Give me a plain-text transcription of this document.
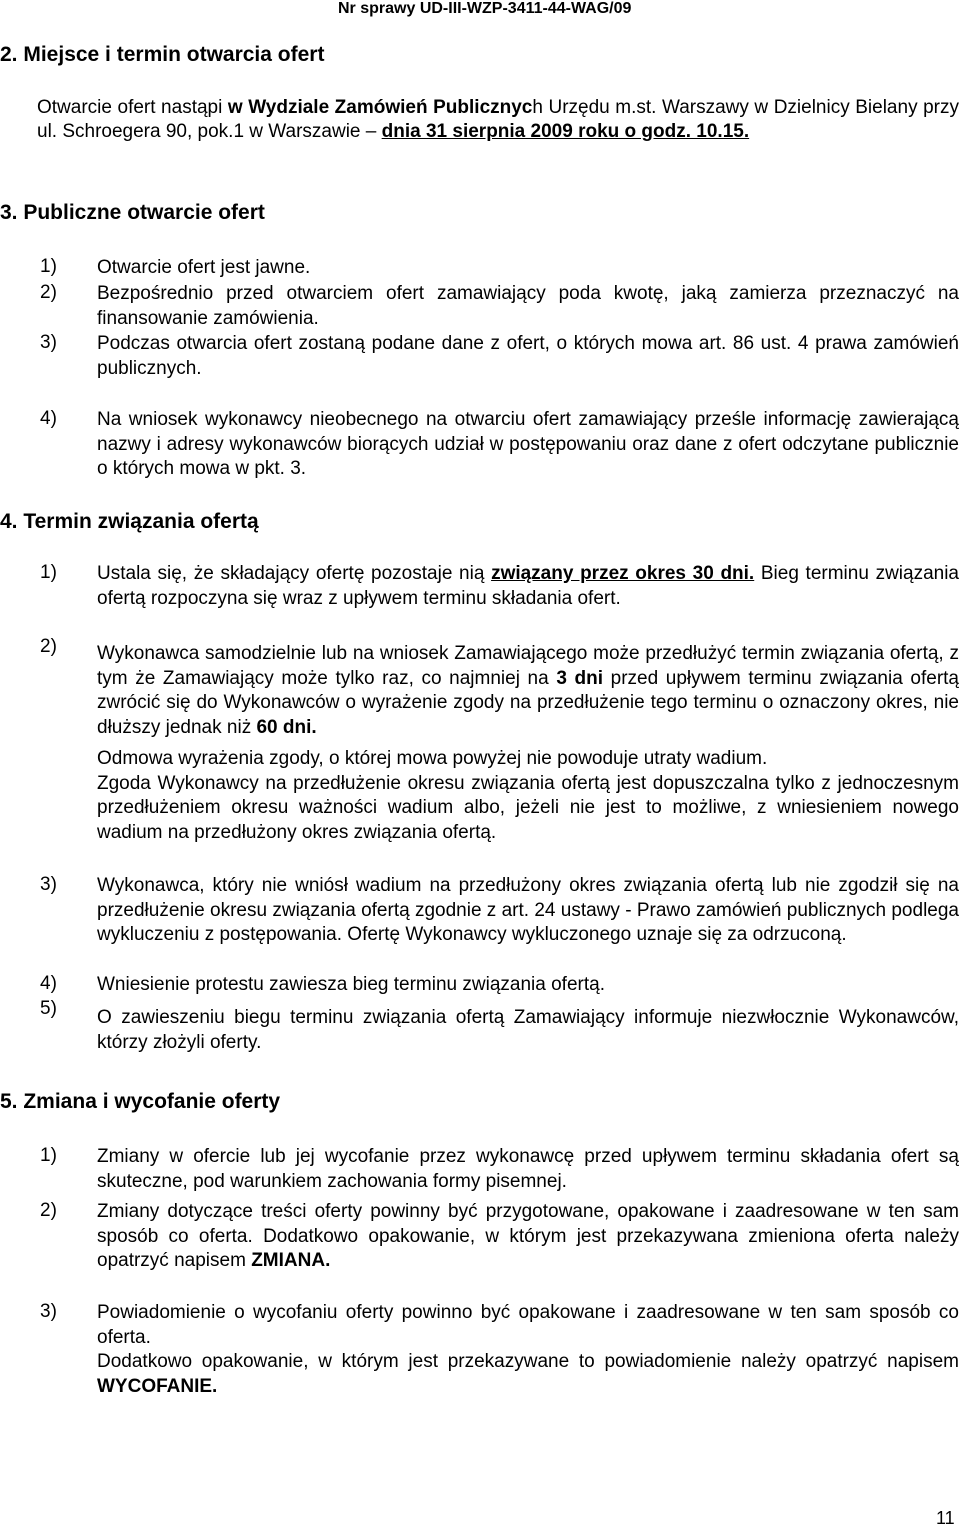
Nr sprawy UD-III-WZP-3411-44-WAG/09
2. Miejsce i termin otwarcia ofert
Otwarcie ofert nastąpi w Wydziale Zamówień Publicznych Urzędu m.st. Warszawy w Dzielnicy Bielany przy ul. Schroegera 90, pok.1 w Warszawie – dnia 31 sierpnia 2009 roku o godz. 10.15.
3. Publiczne otwarcie ofert
1) Otwarcie ofert jest jawne.
2) Bezpośrednio przed otwarciem ofert zamawiający poda kwotę, jaką zamierza przeznaczyć na finansowanie zamówienia.
3) Podczas otwarcia ofert zostaną podane dane z ofert, o których mowa art. 86 ust. 4 prawa zamówień publicznych.
4) Na wniosek wykonawcy nieobecnego na otwarciu ofert zamawiający prześle informację zawierającą nazwy i adresy wykonawców biorących udział w postępowaniu oraz dane z ofert odczytane publicznie o których mowa w pkt. 3.
4. Termin związania ofertą
1) Ustala się, że składający ofertę pozostaje nią związany przez okres 30 dni. Bieg terminu związania ofertą rozpoczyna się wraz z upływem terminu składania ofert.
2) Wykonawca samodzielnie lub na wniosek Zamawiającego może przedłużyć termin związania ofertą, z tym że Zamawiający może tylko raz, co najmniej na 3 dni przed upływem terminu związania ofertą zwrócić się do Wykonawców o wyrażenie zgody na przedłużenie tego terminu o oznaczony okres, nie dłuższy jednak niż 60 dni.

Odmowa wyrażenia zgody, o której mowa powyżej nie powoduje utraty wadium.

Zgoda Wykonawcy na przedłużenie okresu związania ofertą jest dopuszczalna tylko z jednoczesnym przedłużeniem okresu ważności wadium albo, jeżeli nie jest to możliwe, z wniesieniem nowego wadium na przedłużony okres związania ofertą.

3) Wykonawca, który nie wniósł wadium na przedłużony okres związania ofertą lub nie zgodził się na przedłużenie okresu związania ofertą zgodnie z art. 24 ustawy - Prawo zamówień publicznych podlega wykluczeniu z postępowania. Ofertę Wykonawcy wykluczonego uznaje się za odrzuconą.
4) Wniesienie protestu zawiesza bieg terminu związania ofertą.
5) O zawieszeniu biegu terminu związania ofertą Zamawiający informuje niezwłocznie Wykonawców, którzy złożyli oferty.
5. Zmiana i wycofanie oferty
1) Zmiany w ofercie lub jej wycofanie przez wykonawcę przed upływem terminu składania ofert są skuteczne, pod warunkiem zachowania formy pisemnej.
2) Zmiany dotyczące treści oferty powinny być przygotowane, opakowane i zaadresowane w ten sam sposób co oferta. Dodatkowo opakowanie, w którym jest przekazywana zmieniona oferta należy opatrzyć napisem ZMIANA.
3) Powiadomienie o wycofaniu oferty powinno być opakowane i zaadresowane w ten sam sposób co oferta.

Dodatkowo opakowanie, w którym jest przekazywane to powiadomienie należy opatrzyć napisem WYCOFANIE.

11
